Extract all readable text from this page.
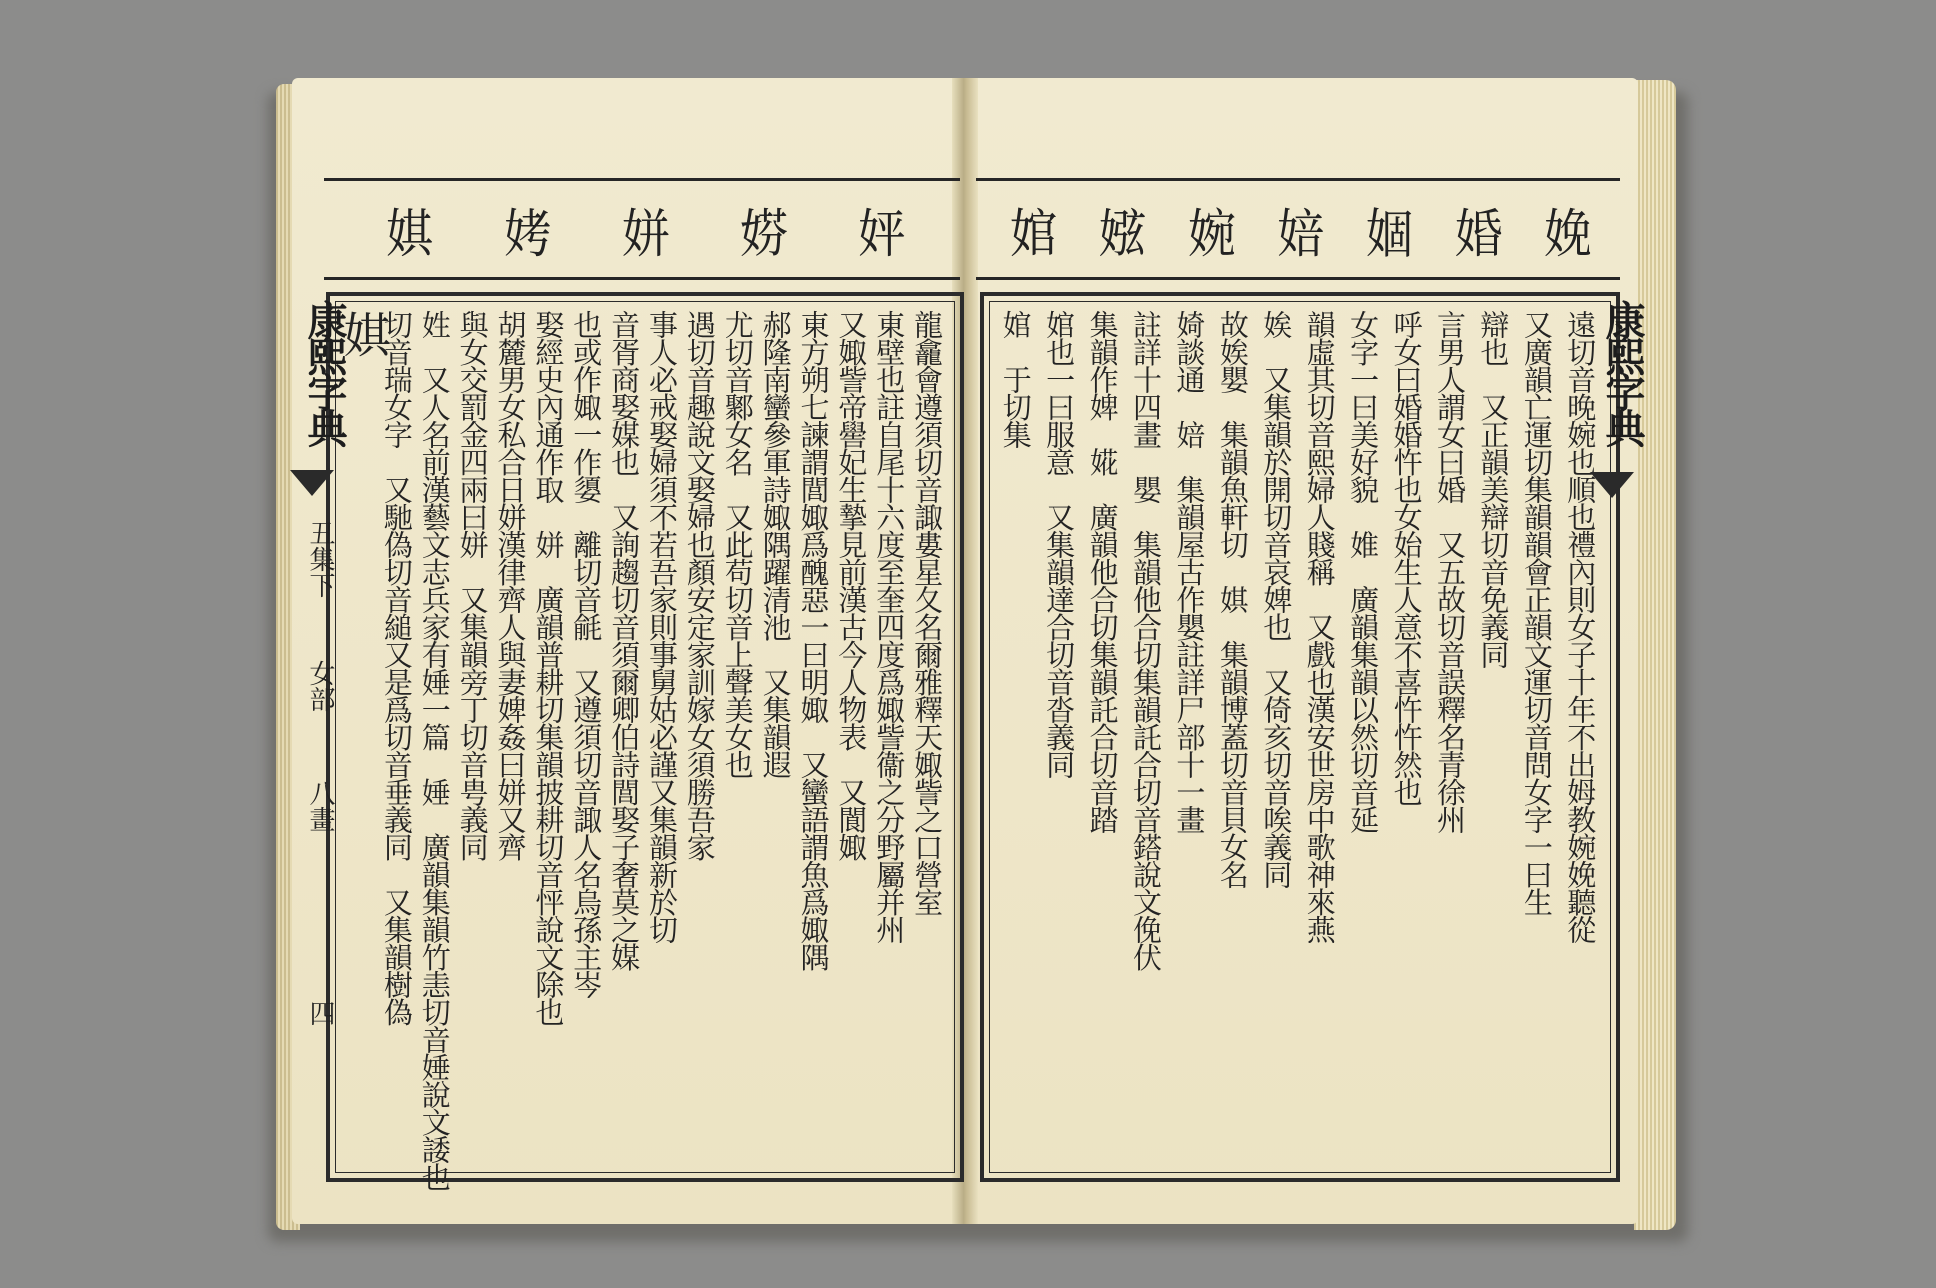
㛁
𡝱
姘
㛈
娸	娩
婚
婟
婄
婉
娹
婠
龍龕會遵須切音諏婁星夂名爾雅釋天娵訾之口營室
東壁也註自尾十六度至奎四度爲娵訾衞之分野屬并州
又娵訾帝嚳妃生摯見前漢古今人物表　又閬娵
東方朔七諫謂閭娵爲醜惡一曰明娵　又蠻語謂魚爲娵隅
郝隆南蠻參軍詩娵隅躍清池　又集韻遐
尤切音鄹女名　又此苟切音上聲美女也
遇切音趣說文娶婦也顏安定家訓嫁女須勝吾家
事人必戒娶婦須不若吾家則事舅姑必謹又集韻新於切
音胥商娶媒也　又詢趨切音須爾卿伯詩閭娶子奢莫之媒
也或作娵一作嬃　離切音毹　又遵須切音諏人名烏孫主岑
娶經史內通作取　姘　廣韻普耕切集韻披耕切音怦說文除也
胡麓男女私合日姘漢律齊人與妻婢姦曰姘又齊
與女交罰金四兩曰姘　又集韻旁丁切音甹義同
姓　又人名前漢藝文志兵家有娷一篇　娷　廣韻集韻竹恚切音娷說文諉也
切音瑞女字　又馳偽切音縋又是爲切音垂義同　又集韻樹偽
娸	遠切音晚婉也順也禮內則女子十年不出姆教婉娩聽從
又廣韻亡運切集韻韻會正韻文運切音問女字一曰生
辯也　又正韻美辯切音免義同
言男人謂女曰婚　又五故切音誤釋名青徐州
呼女曰婚婚忤也女始生人意不喜忤忤然也
女字一曰美好貌　婎　廣韻集韻以然切音延
韻虛其切音熙婦人賤稱　又戲也漢安世房中歌神來燕
娭　又集韻於開切音哀婢也　又倚亥切音唉義同
故娭嬰　集韻魚軒切　娸　集韻博蓋切音貝女名
婍談通　婄　集韻屋古作嬰註詳尸部十一畫
註詳十四畫　嬰　集韻他合切集韻託合切音鎝說文俛伏
集韻作婢　婲　廣韻他合切集韻託合切音踏
婠也一曰服意　又集韻達合切音沓義同
婠　于切集
康熙字典
丑集下
女部
八畫
四
康熙字典
